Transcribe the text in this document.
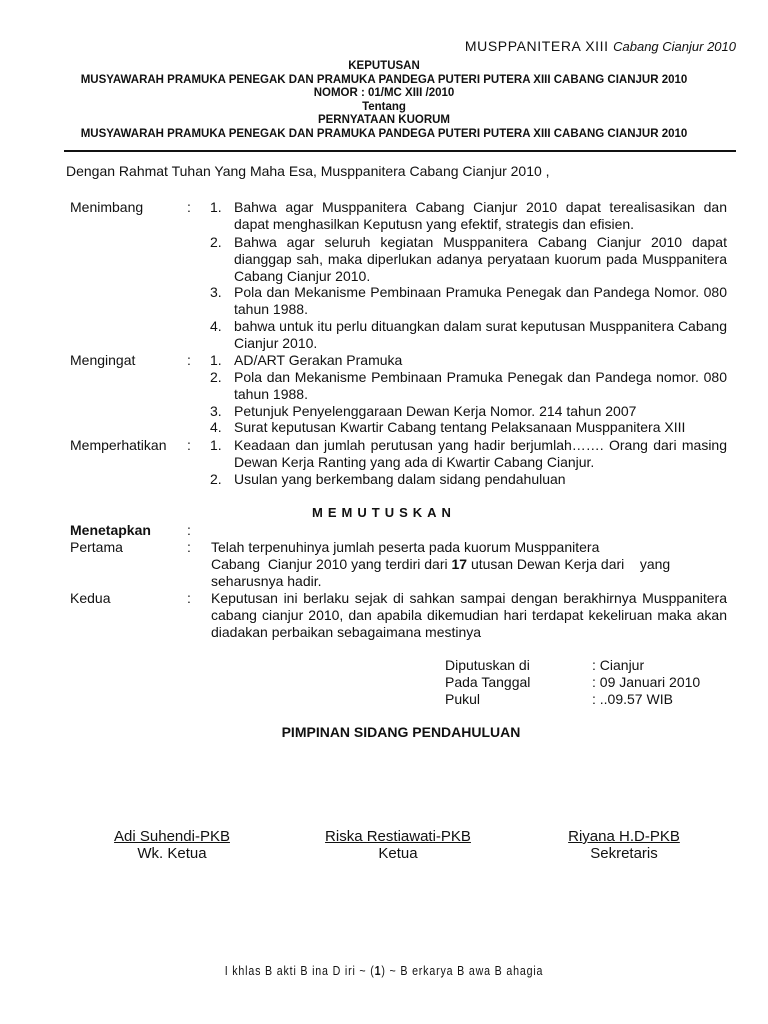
MUSPPANITERA XIII Cabang Cianjur 2010
KEPUTUSAN
MUSYAWARAH PRAMUKA PENEGAK DAN PRAMUKA PANDEGA PUTERI PUTERA XIII CABANG CIANJUR 2010
NOMOR : 01/MC XIII /2010
Tentang
PERNYATAAN KUORUM
MUSYAWARAH PRAMUKA PENEGAK DAN PRAMUKA PANDEGA PUTERI PUTERA XIII CABANG CIANJUR 2010
Dengan Rahmat Tuhan Yang Maha Esa, Musppanitera Cabang Cianjur 2010 ,
Menimbang	: 1. Bahwa agar Musppanitera Cabang Cianjur 2010 dapat terealisasikan dan dapat menghasilkan Keputusn yang efektif, strategis dan efisien.
2. Bahwa agar seluruh kegiatan Musppanitera Cabang Cianjur 2010 dapat dianggap sah, maka diperlukan adanya peryataan kuorum pada Musppanitera Cabang Cianjur 2010.
3. Pola dan Mekanisme Pembinaan Pramuka Penegak dan Pandega Nomor. 080 tahun 1988.
4. bahwa untuk itu perlu dituangkan dalam surat keputusan Musppanitera Cabang Cianjur 2010.
Mengingat	: 1. AD/ART Gerakan Pramuka
2. Pola dan Mekanisme Pembinaan Pramuka Penegak dan Pandega nomor. 080 tahun 1988.
3. Petunjuk Penyelenggaraan Dewan Kerja Nomor. 214 tahun 2007
4. Surat keputusan Kwartir Cabang tentang Pelaksanaan Musppanitera XIII
Memperhatikan : 1. Keadaan dan jumlah perutusan yang hadir berjumlah……. Orang dari masing Dewan Kerja Ranting yang ada di Kwartir Cabang Cianjur.
2. Usulan yang berkembang dalam sidang pendahuluan
MEMUTUSKAN
Menetapkan	:
Pertama	: Telah terpenuhinya jumlah peserta pada kuorum Musppanitera
Cabang  Cianjur 2010 yang terdiri dari 17 utusan Dewan Kerja dari    yang
seharusnya hadir.
Kedua	: Keputusan ini berlaku sejak di sahkan sampai dengan berakhirnya Musppanitera cabang cianjur 2010, dan apabila dikemudian hari terdapat kekeliruan maka akan diadakan perbaikan sebagaimana mestinya
Diputuskan di	: Cianjur
Pada Tanggal	: 09 Januari 2010
Pukul	: ..09.57 WIB
PIMPINAN SIDANG PENDAHULUAN
Adi Suhendi-PKB
Wk. Ketua
Riska Restiawati-PKB
Ketua
Riyana H.D-PKB
Sekretaris
I khlas B akti B ina D iri ~ (1) ~ B erkarya B awa B ahagia
